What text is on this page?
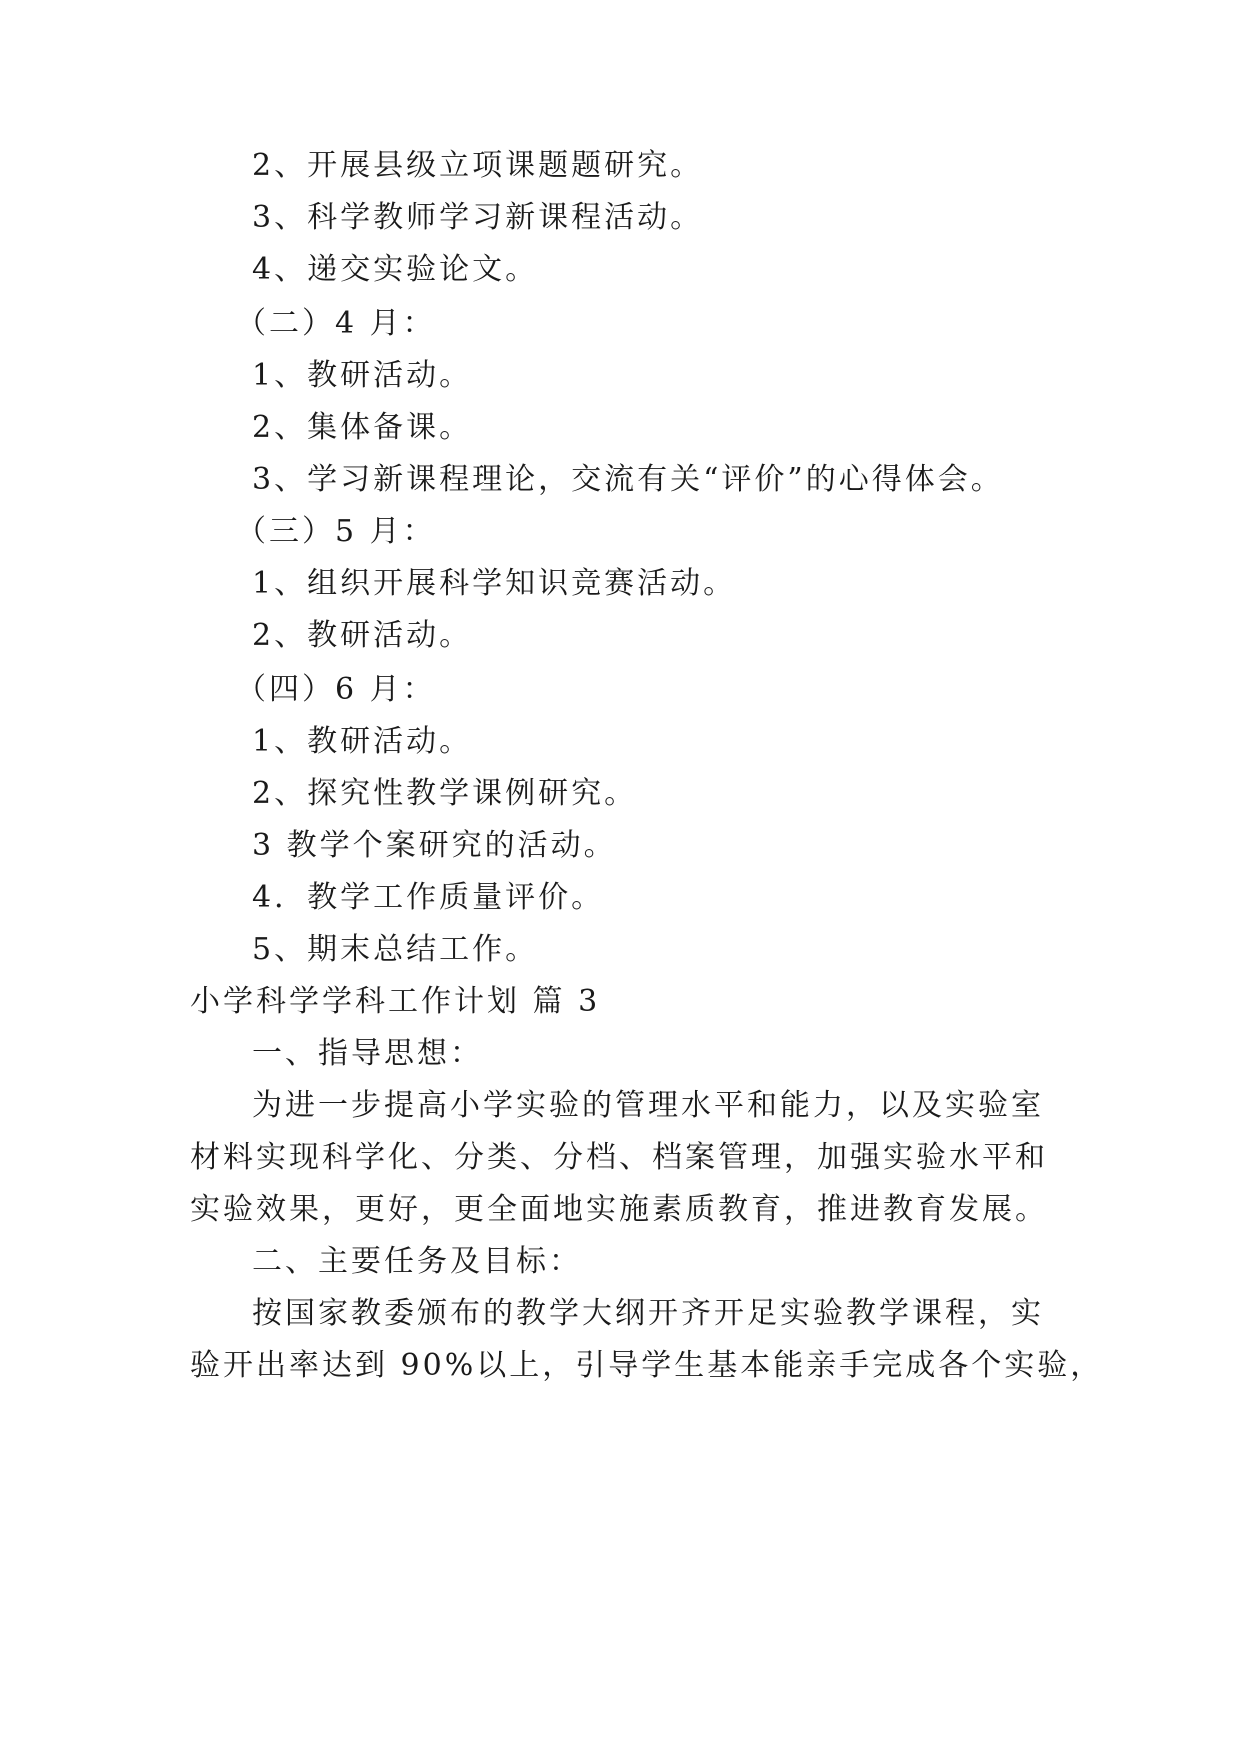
2、开展县级立项课题题研究。
3、科学教师学习新课程活动。
4、递交实验论文。
（二）4 月：
1、教研活动。
2、集体备课。
3、学习新课程理论，交流有关“评价”的心得体会。
（三）5 月：
1、组织开展科学知识竞赛活动。
2、教研活动。
（四）6 月：
1、教研活动。
2、探究性教学课例研究。
3 教学个案研究的活动。
4．教学工作质量评价。
5、期末总结工作。
小学科学学科工作计划 篇 3
一、指导思想：
为进一步提高小学实验的管理水平和能力，以及实验室
材料实现科学化、分类、分档、档案管理，加强实验水平和
实验效果，更好，更全面地实施素质教育，推进教育发展。
二、主要任务及目标：
按国家教委颁布的教学大纲开齐开足实验教学课程，实
验开出率达到 90%以上，引导学生基本能亲手完成各个实验，
